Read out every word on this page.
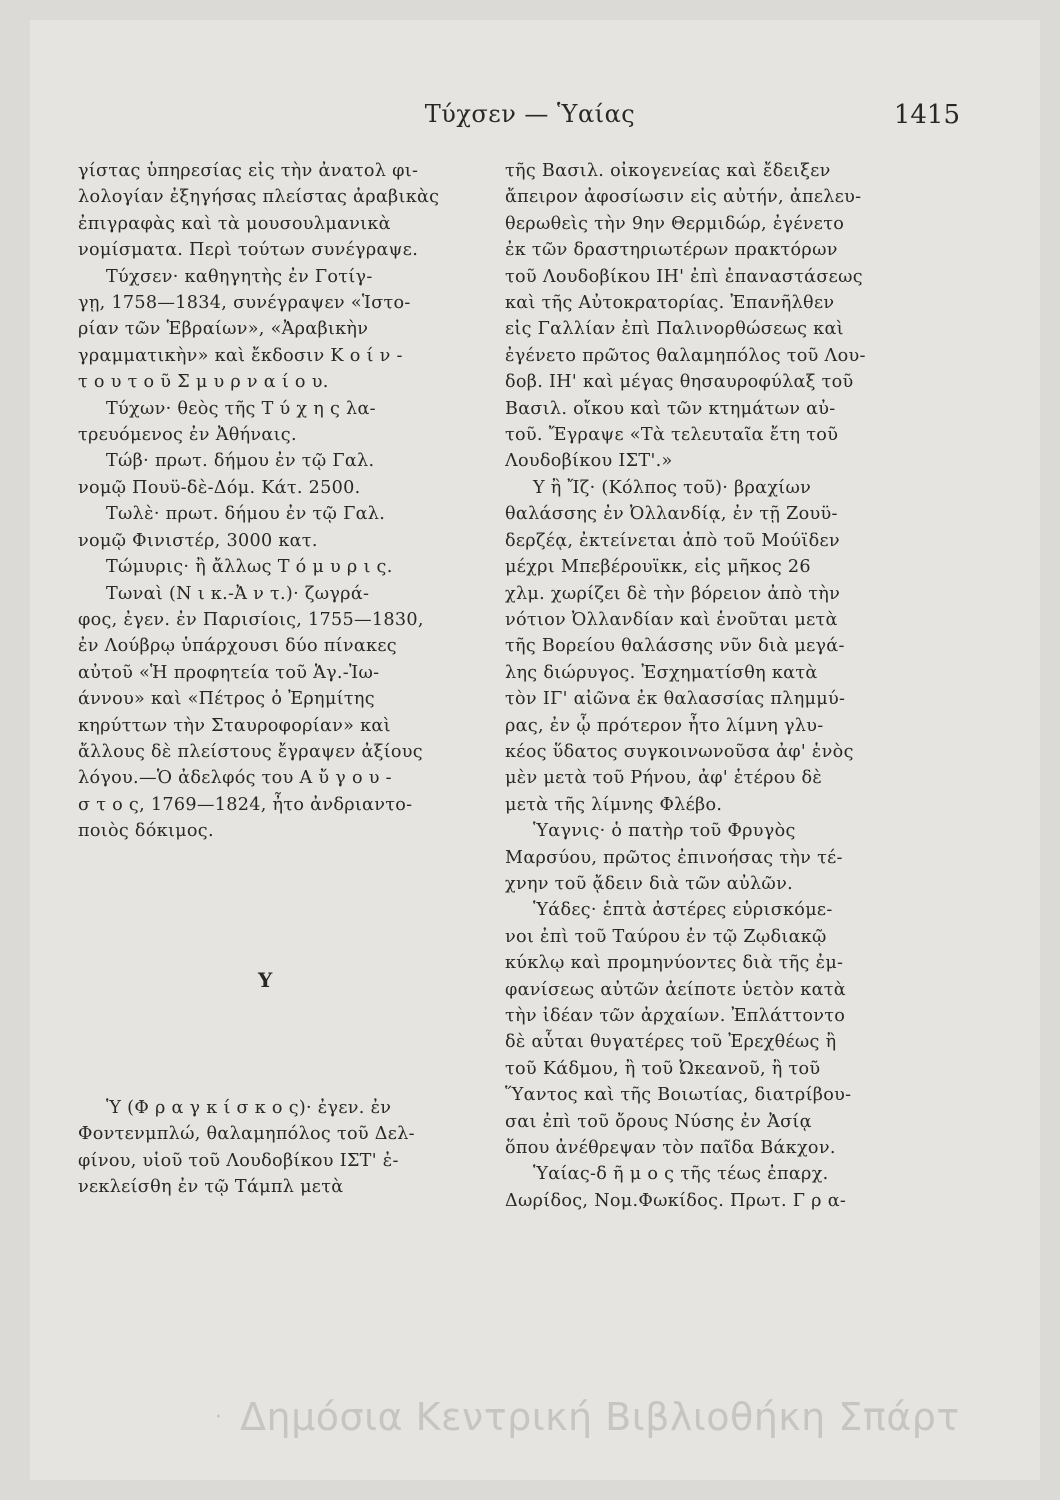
Τύχσεν — Ὑαίας	1415
γίστας ὑπηρεσίας εἰς τὴν ἀνατολ φι-
λολογίαν ἐξηγήσας πλείστας ἀραβικὰς
ἐπιγραφὰς καὶ τὰ μουσουλμανικὰ
νομίσματα. Περὶ τούτων συνέγραψε.
Τύχσεν· καθηγητὴς ἐν Γοτίγ-
γῃ, 1758—1834, συνέγραψεν «Ἱστο-
ρίαν τῶν Ἑβραίων», «Ἀραβικὴν
γραμματικὴν» καὶ ἔκδοσιν Κ ο ί ν -
τ ο υ τ ο ῦ Σ μ υ ρ ν α ί ο υ.
Τύχων· θεὸς τῆς Τ ύ χ η ς λα-
τρευόμενος ἐν Ἀθήναις.
Τώβ· πρωτ. δήμου ἐν τῷ Γαλ.
νομῷ Πουϋ-δὲ-Δόμ. Κάτ. 2500.
Τωλὲ· πρωτ. δήμου ἐν τῷ Γαλ.
νομῷ Φινιστέρ, 3000 κατ.
Τώμυρις· ἢ ἄλλως Τ ό μ υ ρ ι ς.
Τωναὶ (Ν ι κ.-Ἀ ν τ.)· ζωγρά-
φος, ἐγεν. ἐν Παρισίοις, 1755—1830,
ἐν Λούβρῳ ὑπάρχουσι δύο πίνακες
αὐτοῦ «Ἡ προφητεία τοῦ Ἁγ.-Ἰω-
άννου» καὶ «Πέτρος ὁ Ἐρημίτης
κηρύττων τὴν Σταυροφορίαν» καὶ
ἄλλους δὲ πλείστους ἔγραψεν ἀξίους
λόγου.—Ὁ ἀδελφός του Α ὔ γ ο υ -
σ τ ο ς, 1769—1824, ἦτο ἀνδριαντο-
ποιὸς δόκιμος.
Υ
Ὑ (Φ ρ α γ κ ί σ κ ο ς)· ἐγεν. ἐν
Φοντενμπλώ, θαλαμηπόλος τοῦ Δελ-
φίνου, υἱοῦ τοῦ Λουδοβίκου ΙΣΤ' ἐ-
νεκλείσθη ἐν τῷ Τάμπλ μετὰ
τῆς Βασιλ. οἰκογενείας καὶ ἔδειξεν
ἄπειρον ἀφοσίωσιν εἰς αὐτήν, ἀπελευ-
θερωθεὶς τὴν 9ην Θερμιδώρ, ἐγένετο
ἐκ τῶν δραστηριωτέρων πρακτόρων
τοῦ Λουδοβίκου ΙΗ' ἐπὶ ἐπαναστάσεως
καὶ τῆς Αὐτοκρατορίας. Ἐπανῆλθεν
εἰς Γαλλίαν ἐπὶ Παλινορθώσεως καὶ
ἐγένετο πρῶτος θαλαμηπόλος τοῦ Λου-
δοβ. ΙΗ' καὶ μέγας θησαυροφύλαξ τοῦ
Βασιλ. οἴκου καὶ τῶν κτημάτων αὐ-
τοῦ. Ἔγραψε «Τὰ τελευταῖα ἔτη τοῦ
Λουδοβίκου ΙΣΤ'.»
Υ ἢ Ἴζ· (Κόλπος τοῦ)· βραχίων
θαλάσσης ἐν Ὀλλανδίᾳ, ἐν τῇ Ζουϋ-
δερζέᾳ, ἐκτείνεται ἀπὸ τοῦ Μούϊδεν
μέχρι Μπεβέρουϊκκ, εἰς μῆκος 26
χλμ. χωρίζει δὲ τὴν βόρειον ἀπὸ τὴν
νότιον Ὀλλανδίαν καὶ ἑνοῦται μετὰ
τῆς Βορείου θαλάσσης νῦν διὰ μεγά-
λης διώρυγος. Ἐσχηματίσθη κατὰ
τὸν ΙΓ' αἰῶνα ἐκ θαλασσίας πλημμύ-
ρας, ἐν ᾧ πρότερον ἦτο λίμνη γλυ-
κέος ὕδατος συγκοινωνοῦσα ἀφ' ἑνὸς
μὲν μετὰ τοῦ Ρήνου, ἀφ' ἑτέρου δὲ
μετὰ τῆς λίμνης Φλέβο.
Ὑαγνις· ὁ πατὴρ τοῦ Φρυγὸς
Μαρσύου, πρῶτος ἐπινοήσας τὴν τέ-
χνην τοῦ ᾄδειν διὰ τῶν αὐλῶν.
Ὑάδες· ἑπτὰ ἀστέρες εὑρισκόμε-
νοι ἐπὶ τοῦ Ταύρου ἐν τῷ Ζῳδιακῷ
κύκλῳ καὶ προμηνύοντες διὰ τῆς ἐμ-
φανίσεως αὐτῶν ἀείποτε ὑετὸν κατὰ
τὴν ἰδέαν τῶν ἀρχαίων. Ἐπλάττοντο
δὲ αὗται θυγατέρες τοῦ Ἐρεχθέως ἢ
τοῦ Κάδμου, ἢ τοῦ Ὠκεανοῦ, ἢ τοῦ
Ὕαντος καὶ τῆς Βοιωτίας, διατρίβου-
σαι ἐπὶ τοῦ ὄρους Νύσης ἐν Ἀσίᾳ
ὅπου ἀνέθρεψαν τὸν παῖδα Βάκχον.
Ὑαίας-δ ῆ μ ο ς τῆς τέως ἐπαρχ.
Δωρίδος, Νομ.Φωκίδος. Πρωτ. Γ ρ α-
· Δημόσια Κεντρική Βιβλιοθήκη Σπάρτ
